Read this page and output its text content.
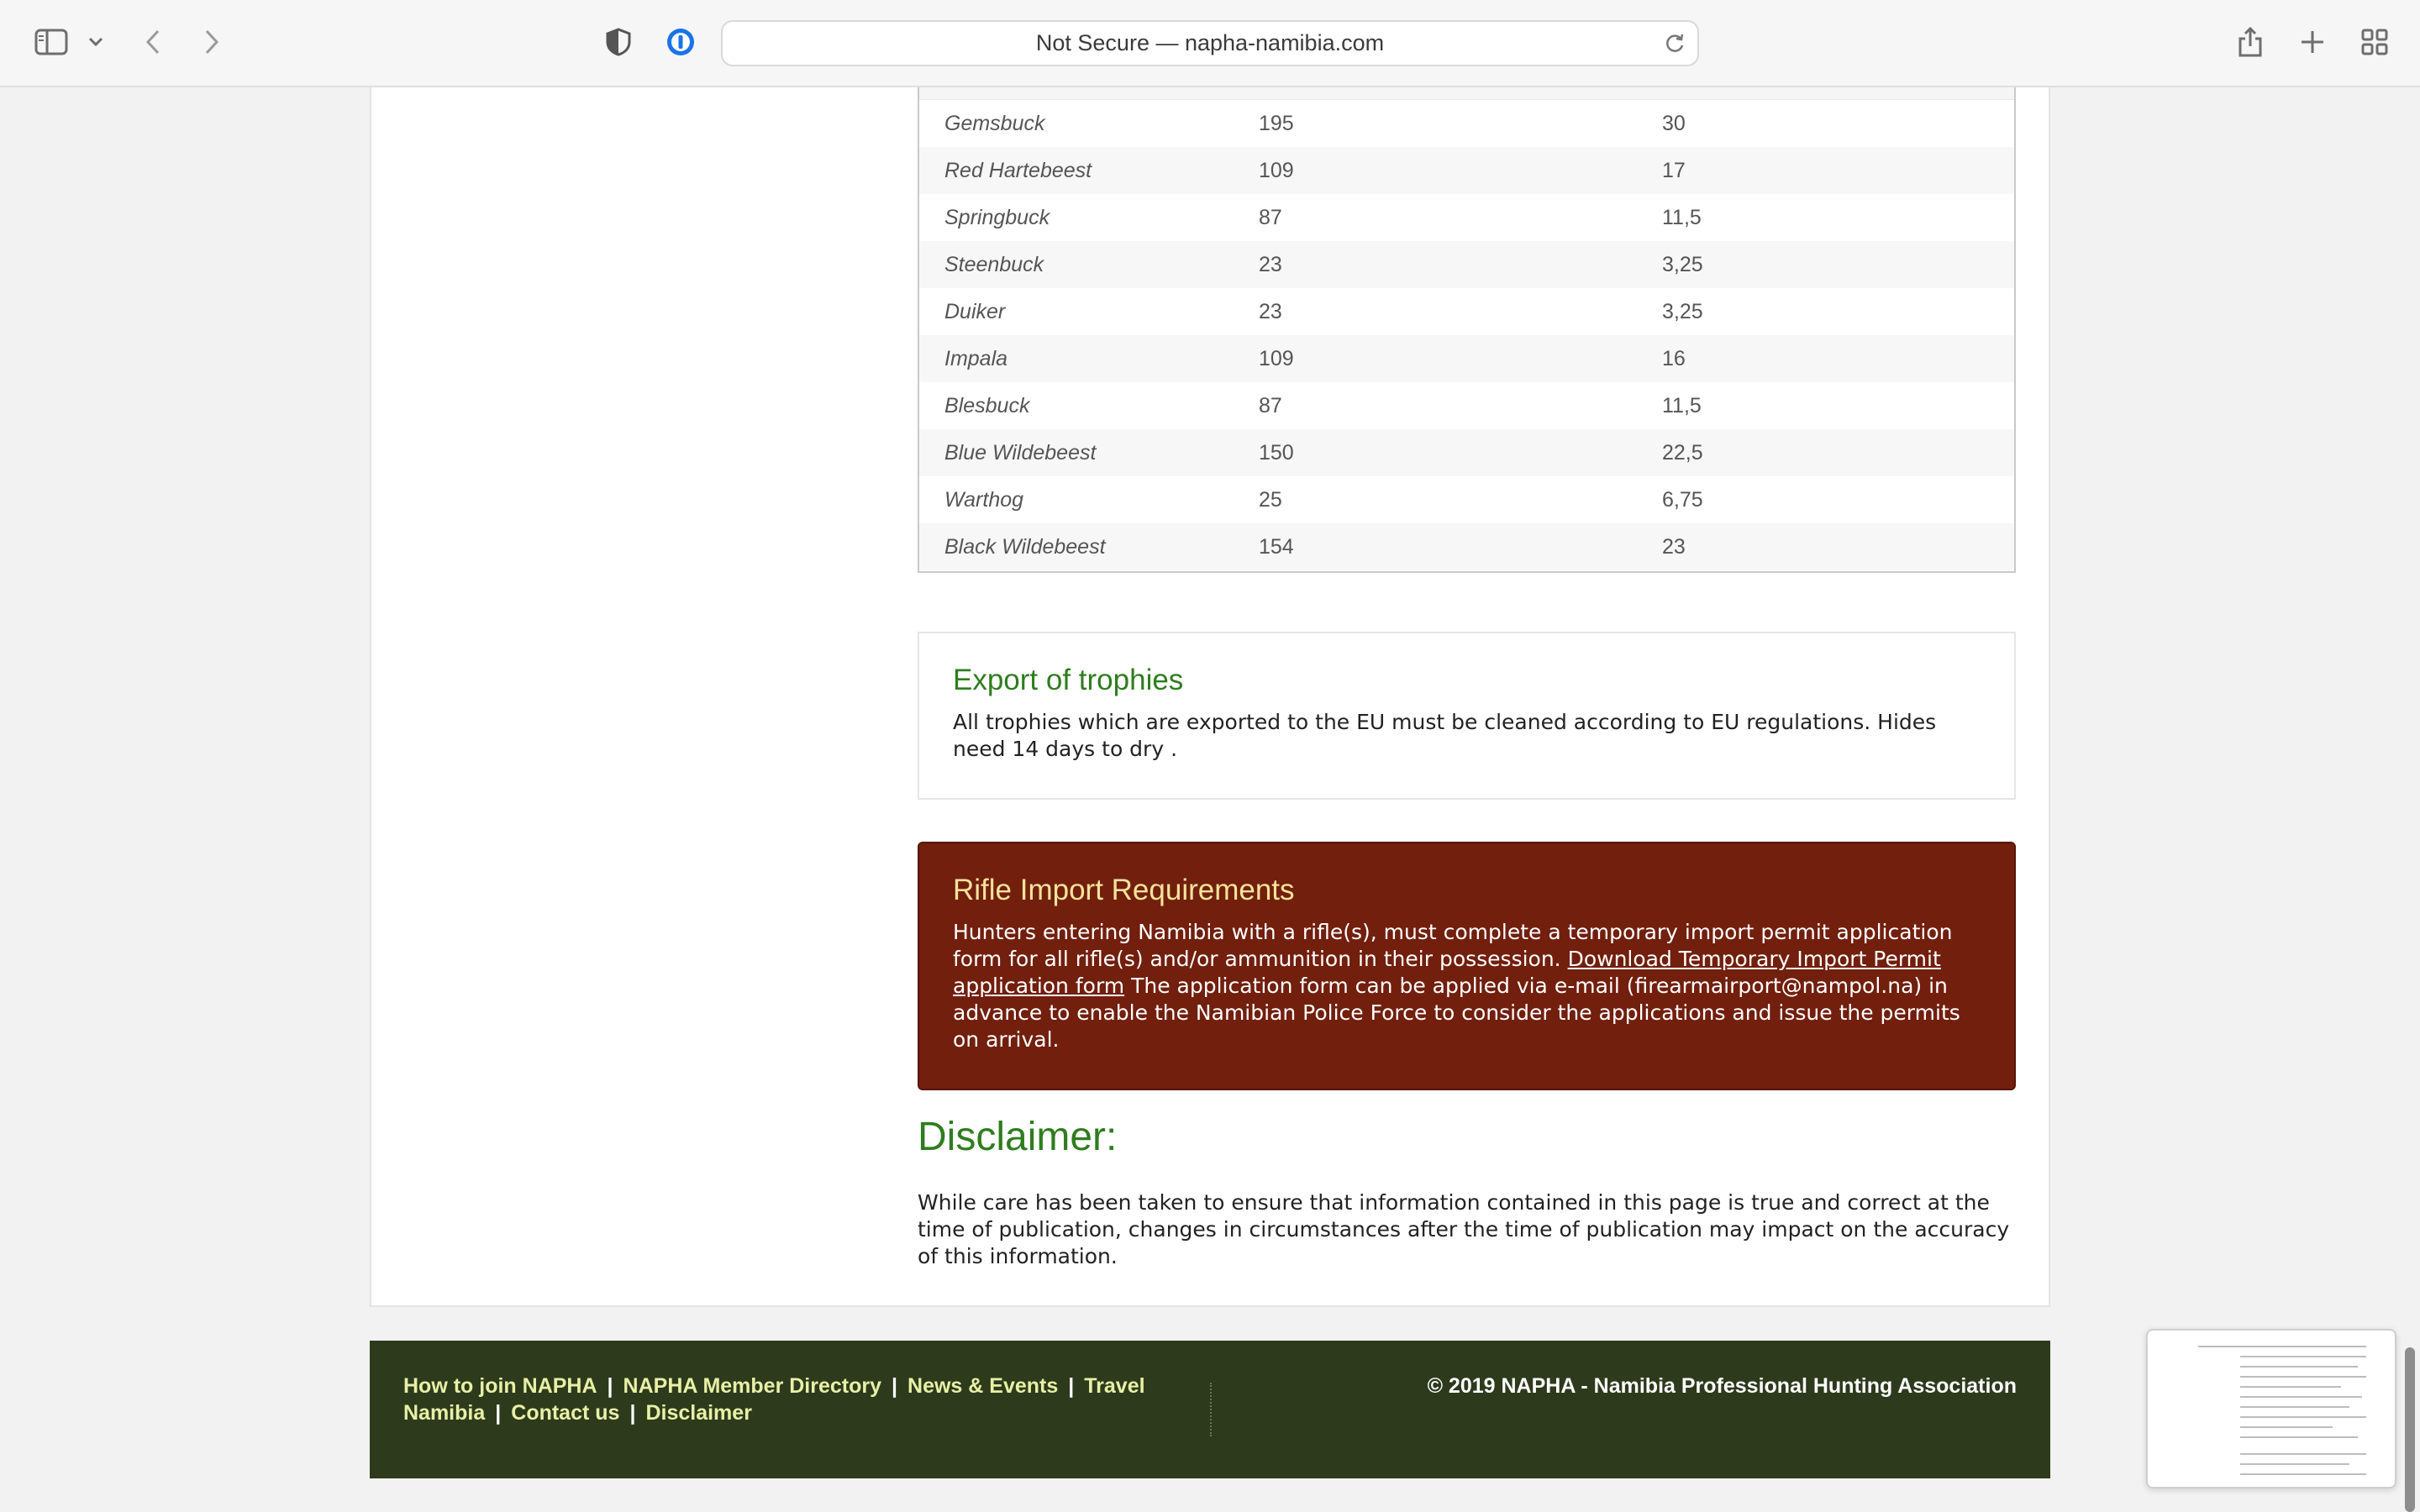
Not Secure — napha-namibia.com
Gemsbuck	195	30
Red Hartebeest	109	17
Springbuck	87	11,5
Steenbuck	23	3,25
Duiker	23	3,25
Impala	109	16
Blesbuck	87	11,5
Blue Wildebeest	150	22,5
Warthog	25	6,75
Black Wildebeest	154	23
Export of trophies

All trophies which are exported to the EU must be cleaned according to EU regulations. Hides need 14 days to dry .

Rifle Import Requirements

Hunters entering Namibia with a rifle(s), must complete a temporary import permit application form for all rifle(s) and/or ammunition in their possession. Download Temporary Import Permit application form The application form can be applied via e-mail (firearmairport@nampol.na) in advance to enable the Namibian Police Force to consider the applications and issue the permits on arrival.

Disclaimer:

While care has been taken to ensure that information contained in this page is true and correct at the time of publication, changes in circumstances after the time of publication may impact on the accuracy of this information.

How to join NAPHA | NAPHA Member Directory | News & Events | Travel Namibia | Contact us | Disclaimer
© 2019 NAPHA - Namibia Professional Hunting Association
